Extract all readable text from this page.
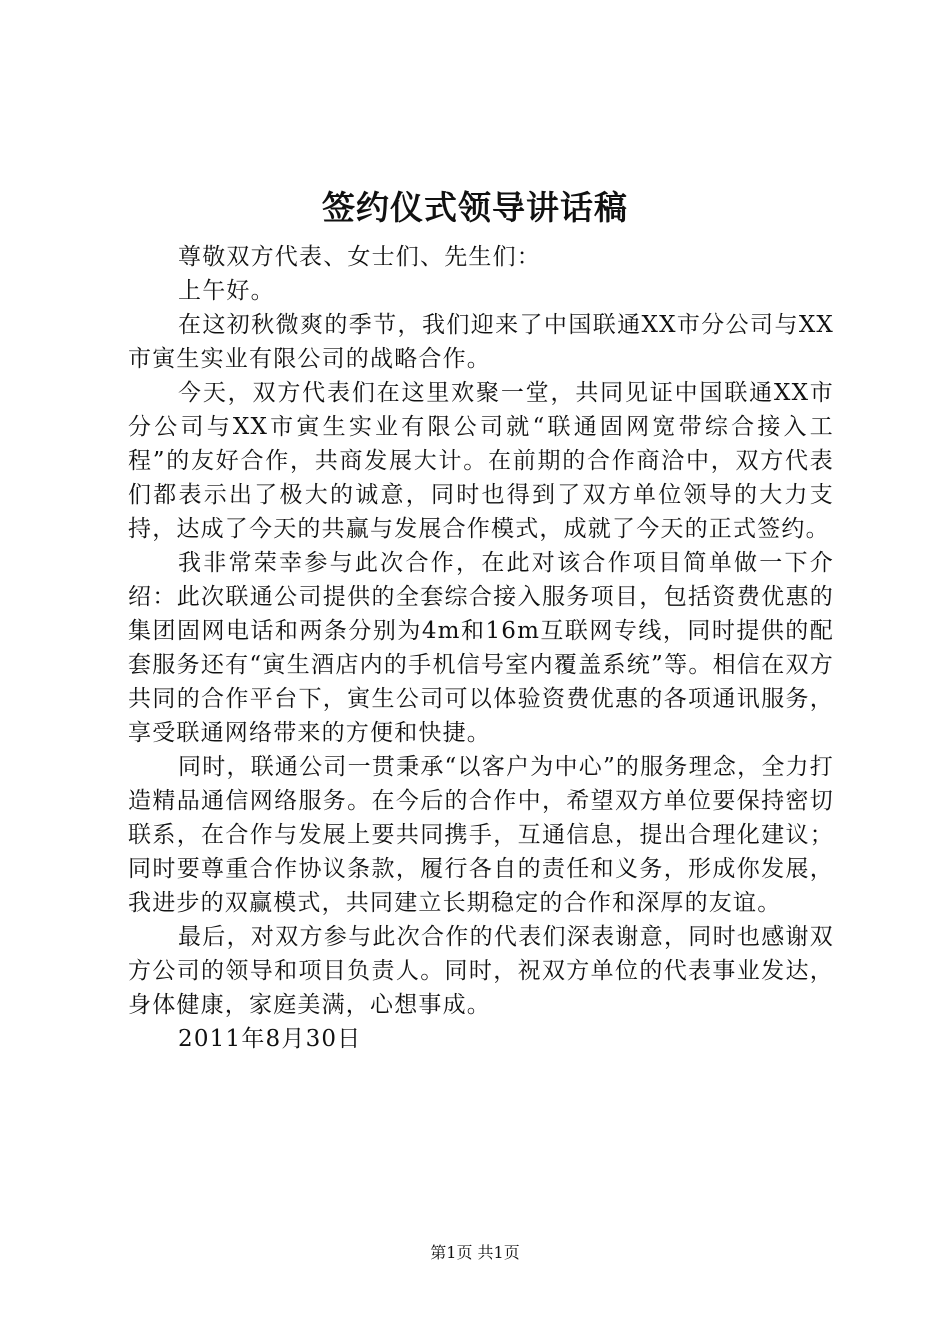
签约仪式领导讲话稿

尊敬双方代表、女士们、先生们：

上午好。

在这初秋微爽的季节，我们迎来了中国联通XX市分公司与XX市寅生实业有限公司的战略合作。

今天，双方代表们在这里欢聚一堂，共同见证中国联通XX市分公司与XX市寅生实业有限公司就“联通固网宽带综合接入工程”的友好合作，共商发展大计。在前期的合作商洽中，双方代表们都表示出了极大的诚意，同时也得到了双方单位领导的大力支持，达成了今天的共赢与发展合作模式，成就了今天的正式签约。

我非常荣幸参与此次合作，在此对该合作项目简单做一下介绍：此次联通公司提供的全套综合接入服务项目，包括资费优惠的集团固网电话和两条分别为4m和16m互联网专线，同时提供的配套服务还有“寅生酒店内的手机信号室内覆盖系统”等。相信在双方共同的合作平台下，寅生公司可以体验资费优惠的各项通讯服务，享受联通网络带来的方便和快捷。

同时，联通公司一贯秉承“以客户为中心”的服务理念，全力打造精品通信网络服务。在今后的合作中，希望双方单位要保持密切联系，在合作与发展上要共同携手，互通信息，提出合理化建议；同时要尊重合作协议条款，履行各自的责任和义务，形成你发展，我进步的双赢模式，共同建立长期稳定的合作和深厚的友谊。

最后，对双方参与此次合作的代表们深表谢意，同时也感谢双方公司的领导和项目负责人。同时，祝双方单位的代表事业发达，身体健康，家庭美满，心想事成。

2011年8月30日

第1页 共1页
